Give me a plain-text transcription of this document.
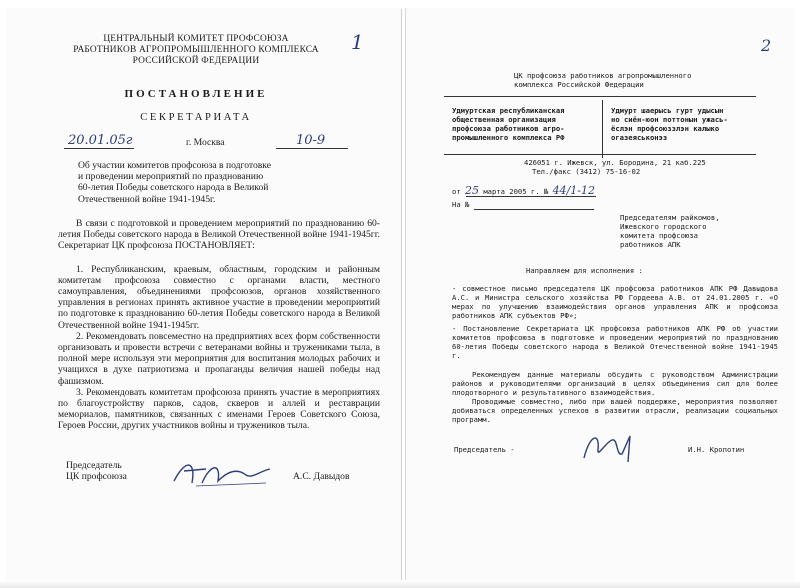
1
ЦЕНТРАЛЬНЫЙ КОМИТЕТ ПРОФСОЮЗА
РАБОТНИКОВ АГРОПРОМЫШЛЕННОГО КОМПЛЕКСА
РОССИЙСКОЙ ФЕДЕРАЦИИ
ПОСТАНОВЛЕНИЕ
СЕКРЕТАРИАТА
20.01.05г	г. Москва	10-9
Об участии комитетов профсоюза в подготовке
и проведении мероприятий по празднованию
60-летия Победы советского народа в Великой
Отечественной войне 1941-1945г.

В связи с подготовкой и проведением мероприятий по празднованию 60-летия Победы советского народа в Великой Отечественной войне 1941-1945гг. Секретариат ЦК профсоюза ПОСТАНОВЛЯЕТ:

1. Республиканским, краевым, областным, городским и районным комитетам профсоюза совместно с органами власти, местного самоуправления, объединениями профсоюзов, органов хозяйственного управления в регионах принять активное участие в проведении мероприятий по подготовке к празднованию 60-летия Победы советского народа в Великой Отечественной войне 1941-1945гг.

2. Рекомендовать повсеместно на предприятиях всех форм собственности организовать и провести встречи с ветеранами войны и тружениками тыла, в полной мере используя эти мероприятия для воспитания молодых рабочих и учащихся в духе патриотизма и пропаганды величия нашей победы над фашизмом.

3. Рекомендовать комитетам профсоюза принять участие в мероприятиях по благоустройству парков, садов, скверов и аллей и реставрации мемориалов, памятников, связанных с именами Героев Советского Союза, Героев России, других участников войны и тружеников тыла.

Председатель
ЦК профсоюза	А.С. Давыдов
2
ЦК профсоюза работников агропромышленного
комплекса Российской Федерации
Удмуртская республиканская
общественная организация
профсоюза работников агро-
промышленного комплекса РФ
Удмурт шаерысь гурт удысын
но сиён-юон поттонын ужась-
ёслэн профсоюззлэн калыко
огазеяськонэз
426051 г. Ижевск, ул. Бородина, 21 каб.225
Тел./факс (3412) 75-16-02
от 25 марта 2005 г. № 44/1-12
На №
Председателям райкомов,
Ижевского городского
комитета профсоюза
работников АПК
Направляем для исполнения :
- совместное письмо председателя ЦК профсоюза работников АПК РФ Давыдова А.С. и Министра сельского хозяйства РФ Гордеева А.В. от 24.01.2005 г. «О мерах по улучшению взаимодействия органов управления АПК и профсоюза работников АПК субъектов РФ»;
- Постановление Секретариата ЦК профсоюза работников АПК РФ об участии комитетов профсоюза в подготовке и проведении мероприятий по празднованию 60-летия Победы советского народа в Великой Отечественной войне 1941-1945 г.
Рекомендуем данные материалы обсудить с руководством Администрации районов и руководителями организаций в целях объединения сил для более плодотворного и результативного взаимодействия.
Проводимые совместно, либо при вашей поддержке, мероприятия позволяют добиваться определенных успехов в развитии отрасли, реализации социальных программ.
Председатель -	И.Н. Кропотин
